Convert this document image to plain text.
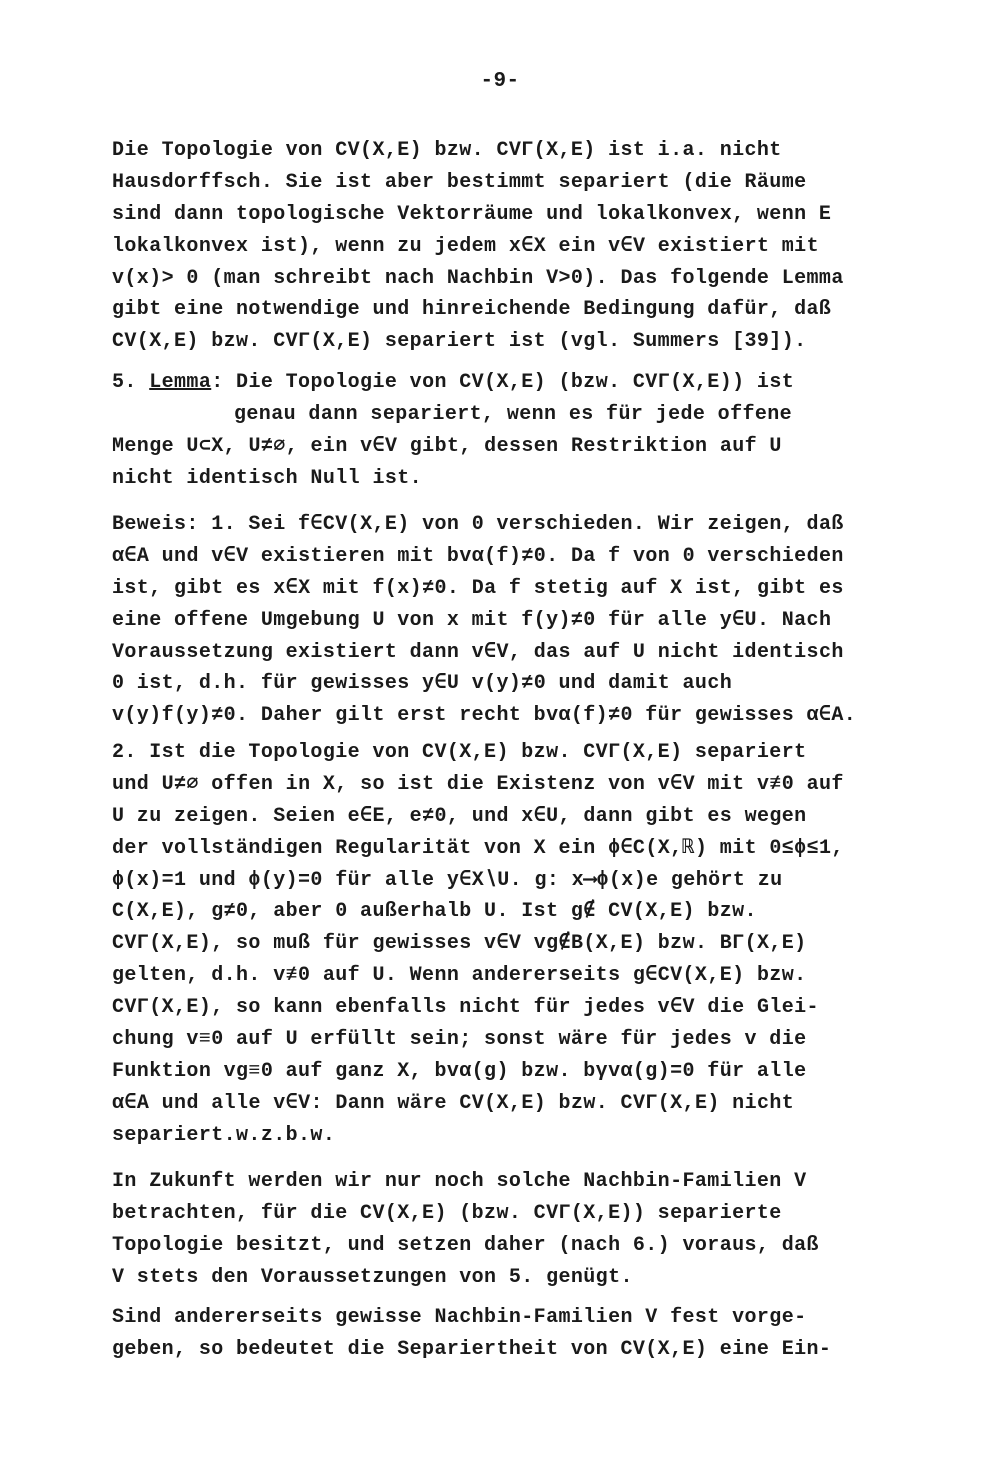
-9-
Die Topologie von CV(X,E) bzw. CVΓ(X,E) ist i.a. nicht
Hausdorffsch. Sie ist aber bestimmt separiert (die Räume
sind dann topologische Vektorräume und lokalkonvex, wenn E
lokalkonvex ist), wenn zu jedem x∈X ein v∈V existiert mit
v(x)> 0 (man schreibt nach Nachbin V>0). Das folgende Lemma
gibt eine notwendige und hinreichende Bedingung dafür, daß
CV(X,E) bzw. CVΓ(X,E) separiert ist (vgl. Summers [39]).
5. Lemma: Die Topologie von CV(X,E) (bzw. CVΓ(X,E)) ist
genau dann separiert, wenn es für jede offene
Menge U⊂X, U≠∅, ein v∈V gibt, dessen Restriktion auf U
nicht identisch Null ist.
Beweis: 1. Sei f∈CV(X,E) von 0 verschieden. Wir zeigen, daß
α∈A und v∈V existieren mit bvα(f)≠0. Da f von 0 verschieden
ist, gibt es x∈X mit f(x)≠0. Da f stetig auf X ist, gibt es
eine offene Umgebung U von x mit f(y)≠0 für alle y∈U. Nach
Voraussetzung existiert dann v∈V, das auf U nicht identisch
0 ist, d.h. für gewisses y∈U v(y)≠0 und damit auch
v(y)f(y)≠0. Daher gilt erst recht bvα(f)≠0 für gewisses α∈A.
2. Ist die Topologie von CV(X,E) bzw. CVΓ(X,E) separiert
und U≠∅ offen in X, so ist die Existenz von v∈V mit v≢0 auf
U zu zeigen. Seien e∈E, e≠0, und x∈U, dann gibt es wegen
der vollständigen Regularität von X ein ϕ∈C(X,ℝ) mit 0≤ϕ≤1,
ϕ(x)=1 und ϕ(y)=0 für alle y∈X∖U. g: x⟶ϕ(x)e gehört zu
C(X,E), g≠0, aber 0 außerhalb U. Ist g∉ CV(X,E) bzw.
CVΓ(X,E), so muß für gewisses v∈V vg∉B(X,E) bzw. BΓ(X,E)
gelten, d.h. v≢0 auf U. Wenn andererseits g∈CV(X,E) bzw.
CVΓ(X,E), so kann ebenfalls nicht für jedes v∈V die Glei-
chung v≡0 auf U erfüllt sein; sonst wäre für jedes v die
Funktion vg≡0 auf ganz X, bvα(g) bzw. bγvα(g)=0 für alle
α∈A und alle v∈V: Dann wäre CV(X,E) bzw. CVΓ(X,E) nicht
separiert.w.z.b.w.
In Zukunft werden wir nur noch solche Nachbin-Familien V
betrachten, für die CV(X,E) (bzw. CVΓ(X,E)) separierte
Topologie besitzt, und setzen daher (nach 6.) voraus, daß
V stets den Voraussetzungen von 5. genügt.
Sind andererseits gewisse Nachbin-Familien V fest vorge-
geben, so bedeutet die Separiertheit von CV(X,E) eine Ein-
